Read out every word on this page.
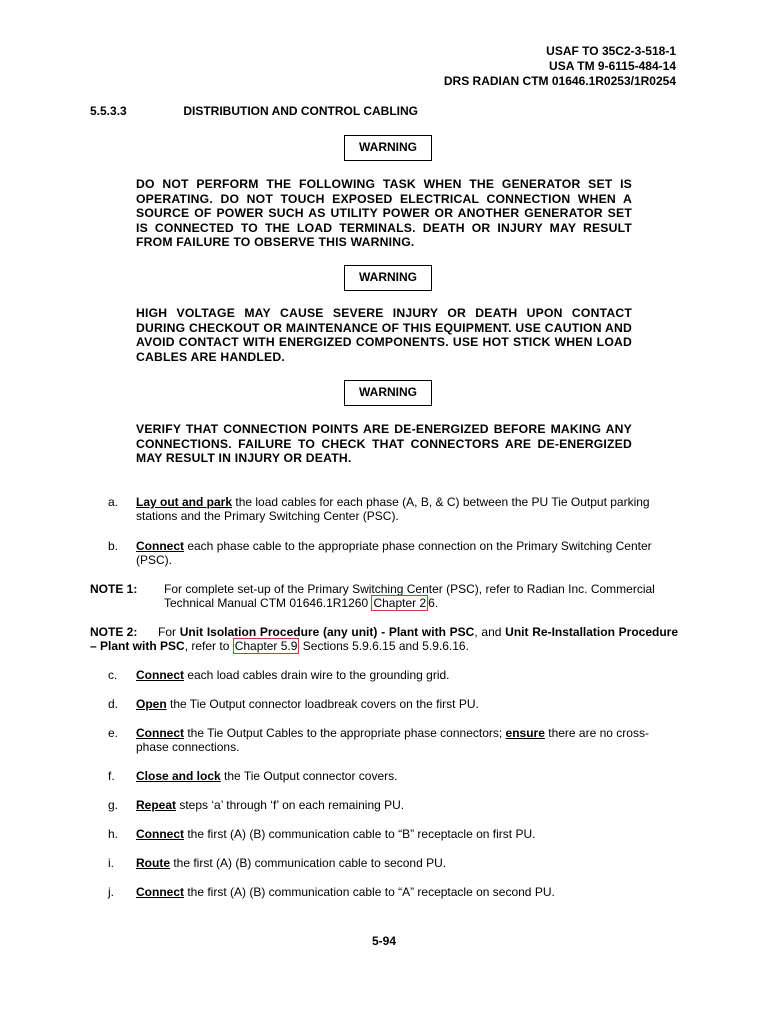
USAF TO 35C2-3-518-1
USA TM 9-6115-484-14
DRS RADIAN CTM 01646.1R0253/1R0254
5.5.3.3	DISTRIBUTION AND CONTROL CABLING
WARNING
DO NOT PERFORM THE FOLLOWING TASK WHEN THE GENERATOR SET IS OPERATING. DO NOT TOUCH EXPOSED ELECTRICAL CONNECTION WHEN A SOURCE OF POWER SUCH AS UTILITY POWER OR ANOTHER GENERATOR SET IS CONNECTED TO THE LOAD TERMINALS. DEATH OR INJURY MAY RESULT FROM FAILURE TO OBSERVE THIS WARNING.
WARNING
HIGH VOLTAGE MAY CAUSE SEVERE INJURY OR DEATH UPON CONTACT DURING CHECKOUT OR MAINTENANCE OF THIS EQUIPMENT. USE CAUTION AND AVOID CONTACT WITH ENERGIZED COMPONENTS. USE HOT STICK WHEN LOAD CABLES ARE HANDLED.
WARNING
VERIFY THAT CONNECTION POINTS ARE DE-ENERGIZED BEFORE MAKING ANY CONNECTIONS. FAILURE TO CHECK THAT CONNECTORS ARE DE-ENERGIZED MAY RESULT IN INJURY OR DEATH.
a.	Lay out and park the load cables for each phase (A, B, & C) between the PU Tie Output parking stations and the Primary Switching Center (PSC).
b.	Connect each phase cable to the appropriate phase connection on the Primary Switching Center (PSC).
NOTE 1: For complete set-up of the Primary Switching Center (PSC), refer to Radian Inc. Commercial Technical Manual CTM 01646.1R1260 Chapter 2 6.
NOTE 2:	For Unit Isolation Procedure (any unit) - Plant with PSC, and Unit Re-Installation Procedure – Plant with PSC, refer to Chapter 5.9 Sections 5.9.6.15 and 5.9.6.16.
c.	Connect each load cables drain wire to the grounding grid.
d.	Open the Tie Output connector loadbreak covers on the first PU.
e.	Connect the Tie Output Cables to the appropriate phase connectors; ensure there are no cross-phase connections.
f.	Close and lock the Tie Output connector covers.
g.	Repeat steps ‘a’ through ‘f’ on each remaining PU.
h.	Connect the first (A) (B) communication cable to “B” receptacle on first PU.
i.	Route the first (A) (B) communication cable to second PU.
j.	Connect the first (A) (B) communication cable to “A” receptacle on second PU.
5-94
